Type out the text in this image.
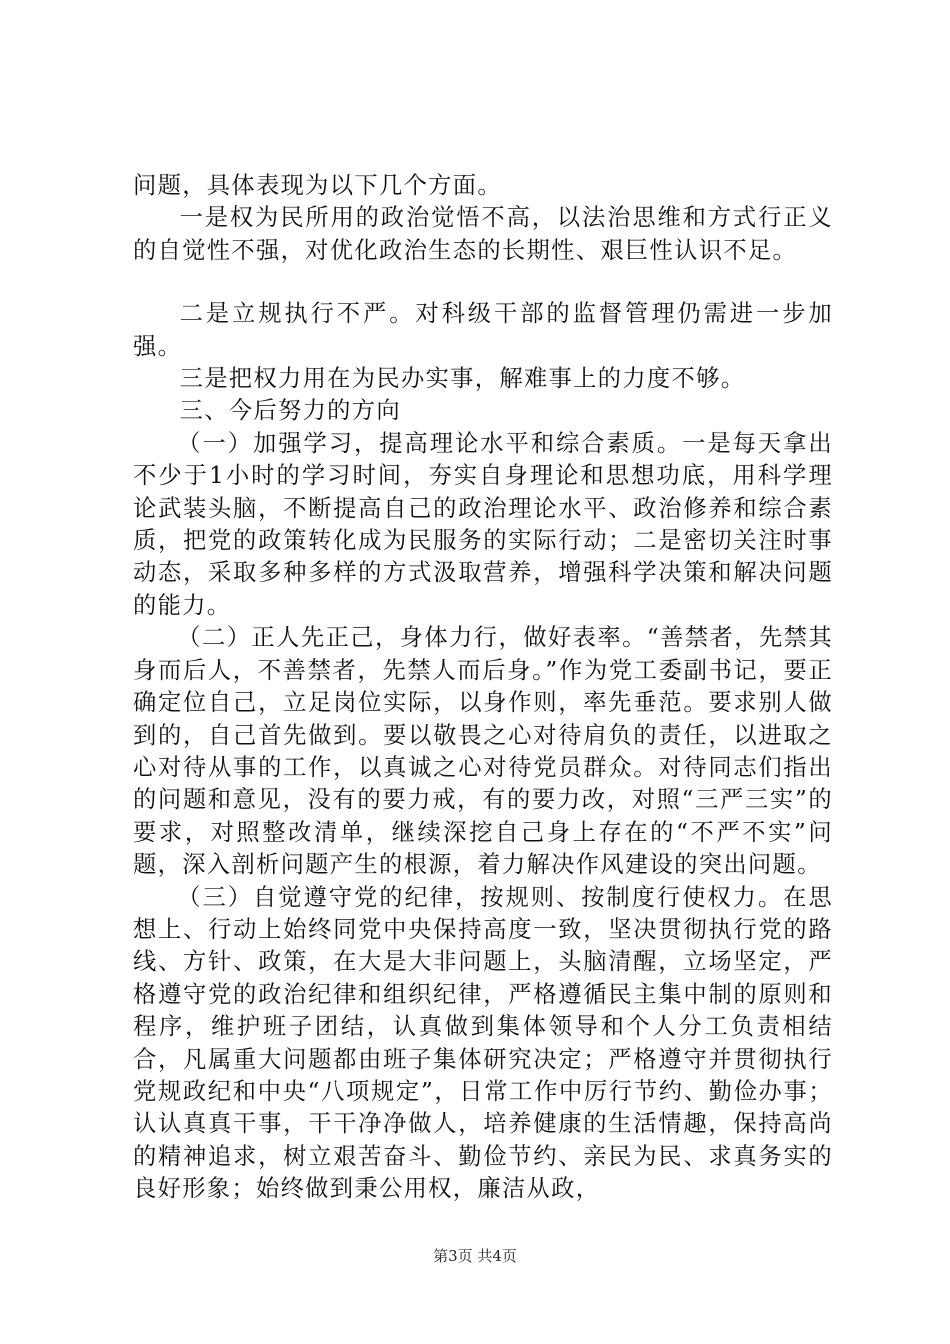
问题，具体表现为以下几个方面。

一是权为民所用的政治觉悟不高，以法治思维和方式行正义的自觉性不强，对优化政治生态的长期性、艰巨性认识不足。

二是立规执行不严。对科级干部的监督管理仍需进一步加强。

三是把权力用在为民办实事，解难事上的力度不够。

三、今后努力的方向

（一）加强学习，提高理论水平和综合素质。一是每天拿出不少于1小时的学习时间，夯实自身理论和思想功底，用科学理论武装头脑，不断提高自己的政治理论水平、政治修养和综合素质，把党的政策转化成为民服务的实际行动；二是密切关注时事动态，采取多种多样的方式汲取营养，增强科学决策和解决问题的能力。

（二）正人先正己，身体力行，做好表率。“善禁者，先禁其身而后人，不善禁者，先禁人而后身。”作为党工委副书记，要正确定位自己，立足岗位实际，以身作则，率先垂范。要求别人做到的，自己首先做到。要以敬畏之心对待肩负的责任，以进取之心对待从事的工作，以真诚之心对待党员群众。对待同志们指出的问题和意见，没有的要力戒，有的要力改，对照“三严三实”的要求，对照整改清单，继续深挖自己身上存在的“不严不实”问题，深入剖析问题产生的根源，着力解决作风建设的突出问题。

（三）自觉遵守党的纪律，按规则、按制度行使权力。在思想上、行动上始终同党中央保持高度一致，坚决贯彻执行党的路线、方针、政策，在大是大非问题上，头脑清醒，立场坚定，严格遵守党的政治纪律和组织纪律，严格遵循民主集中制的原则和程序，维护班子团结，认真做到集体领导和个人分工负责相结合，凡属重大问题都由班子集体研究决定；严格遵守并贯彻执行党规政纪和中央“八项规定”，日常工作中厉行节约、勤俭办事；认认真真干事，干干净净做人，培养健康的生活情趣，保持高尚的精神追求，树立艰苦奋斗、勤俭节约、亲民为民、求真务实的良好形象；始终做到秉公用权，廉洁从政，

第3页 共4页
